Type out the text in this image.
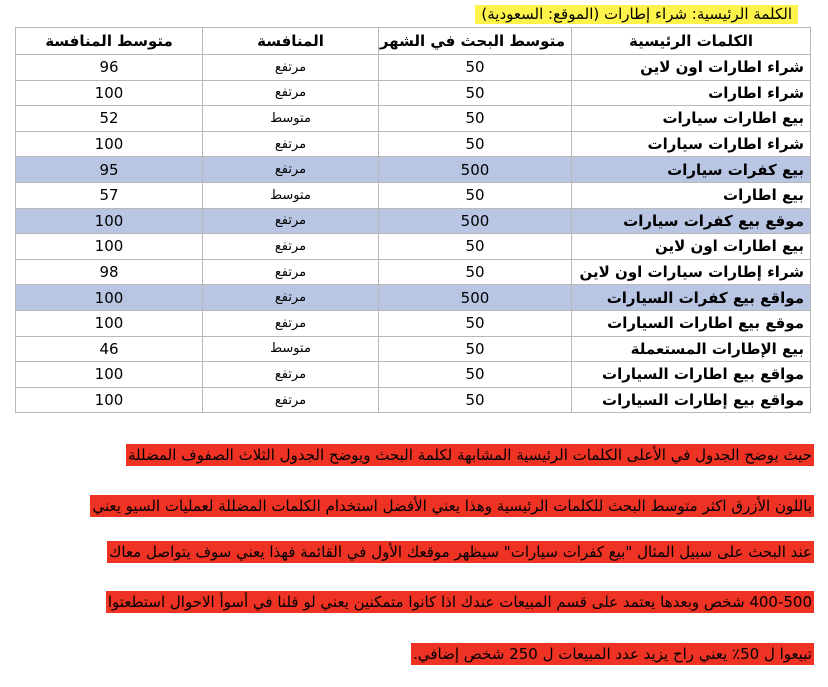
الكلمة الرئيسية: شراء إطارات (الموقع: السعودية)
الكلمات الرئيسية	متوسط البحث في الشهر	المنافسة	متوسط المنافسة
شراء اطارات اون لاين	50	مرتفع	96
شراء اطارات	50	مرتفع	100
بيع اطارات سيارات	50	متوسط	52
شراء اطارات سيارات	50	مرتفع	100
بيع كفرات سيارات	500	مرتفع	95
بيع اطارات	50	متوسط	57
موقع بيع كفرات سيارات	500	مرتفع	100
بيع اطارات اون لاين	50	مرتفع	100
شراء إطارات سيارات اون لاين	50	مرتفع	98
مواقع بيع كفرات السيارات	500	مرتفع	100
موقع بيع اطارات السيارات	50	مرتفع	100
بيع الإطارات المستعملة	50	متوسط	46
مواقع بيع اطارات السيارات	50	مرتفع	100
مواقع بيع إطارات السيارات	50	مرتفع	100
حيث يوضح الجدول في الأعلى الكلمات الرئيسية المشابهة لكلمة البحث ويوضح الجدول الثلاث الصفوف المضللة
باللون الأزرق اكثر متوسط البحث للكلمات الرئيسية وهذا يعني الأفضل استخدام الكلمات المضللة لعمليات السيو يعني
عند البحث على سبيل المثال "بيع كفرات سيارات" سيظهر موقعك الأول في القائمة فهذا يعني سوف يتواصل معاك
400-500 شخص وبعدها يعتمد على قسم المبيعات عندك اذا كانوا متمكنين يعني لو قلنا في أسوأ الاحوال استطعتوا
تبيعوا ل 50٪ يعني راح يزيد عدد المبيعات ل 250 شخص إضافي.
